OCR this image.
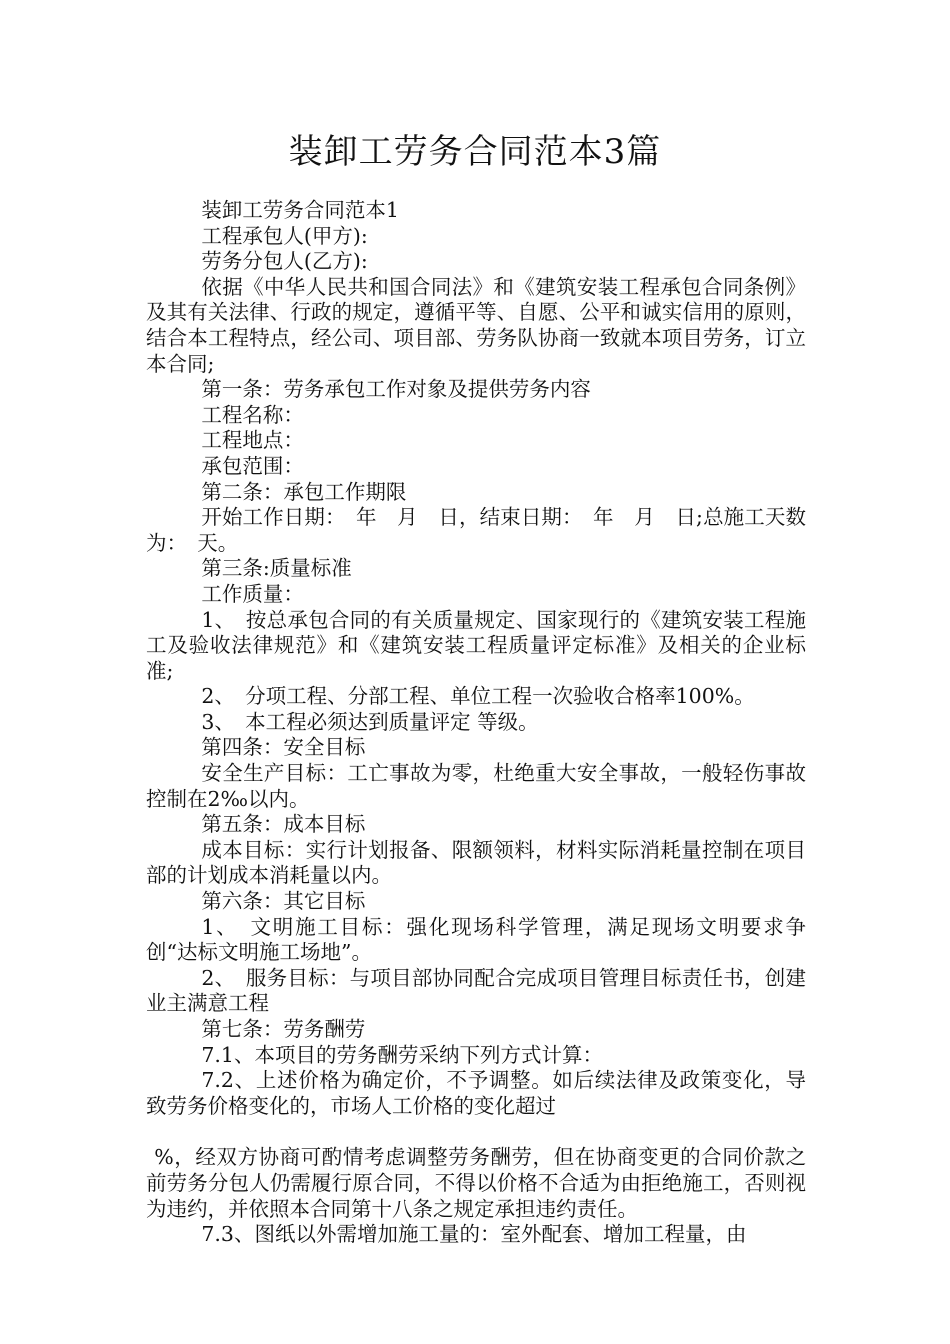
装卸工劳务合同范本3篇

装卸工劳务合同范本1

工程承包人(甲方):

劳务分包人(乙方):

依据《中华人民共和国合同法》和《建筑安装工程承包合同条例》及其有关法律、行政的规定，遵循平等、自愿、公平和诚实信用的原则，结合本工程特点，经公司、项目部、劳务队协商一致就本项目劳务，订立本合同;

第一条：劳务承包工作对象及提供劳务内容

工程名称：

工程地点：

承包范围：

第二条：承包工作期限

开始工作日期：　年　月　日，结束日期：　年　月　日;总施工天数为：　天。

第三条:质量标准

工作质量：

1、　按总承包合同的有关质量规定、国家现行的《建筑安装工程施工及验收法律规范》和《建筑安装工程质量评定标准》及相关的企业标准;

2、　分项工程、分部工程、单位工程一次验收合格率100%。

3、　本工程必须达到质量评定 等级。

第四条：安全目标

安全生产目标：工亡事故为零，杜绝重大安全事故，一般轻伤事故控制在2‰以内。

第五条：成本目标

成本目标：实行计划报备、限额领料，材料实际消耗量控制在项目部的计划成本消耗量以内。

第六条：其它目标

1、　文明施工目标：强化现场科学管理，满足现场文明要求争创“达标文明施工场地”。

2、　服务目标：与项目部协同配合完成项目管理目标责任书，创建业主满意工程

第七条：劳务酬劳

7.1、本项目的劳务酬劳采纳下列方式计算：

7.2、上述价格为确定价，不予调整。如后续法律及政策变化，导致劳务价格变化的，市场人工价格的变化超过

%，经双方协商可酌情考虑调整劳务酬劳，但在协商变更的合同价款之前劳务分包人仍需履行原合同，不得以价格不合适为由拒绝施工，否则视为违约，并依照本合同第十八条之规定承担违约责任。

7.3、图纸以外需增加施工量的：室外配套、增加工程量，由
